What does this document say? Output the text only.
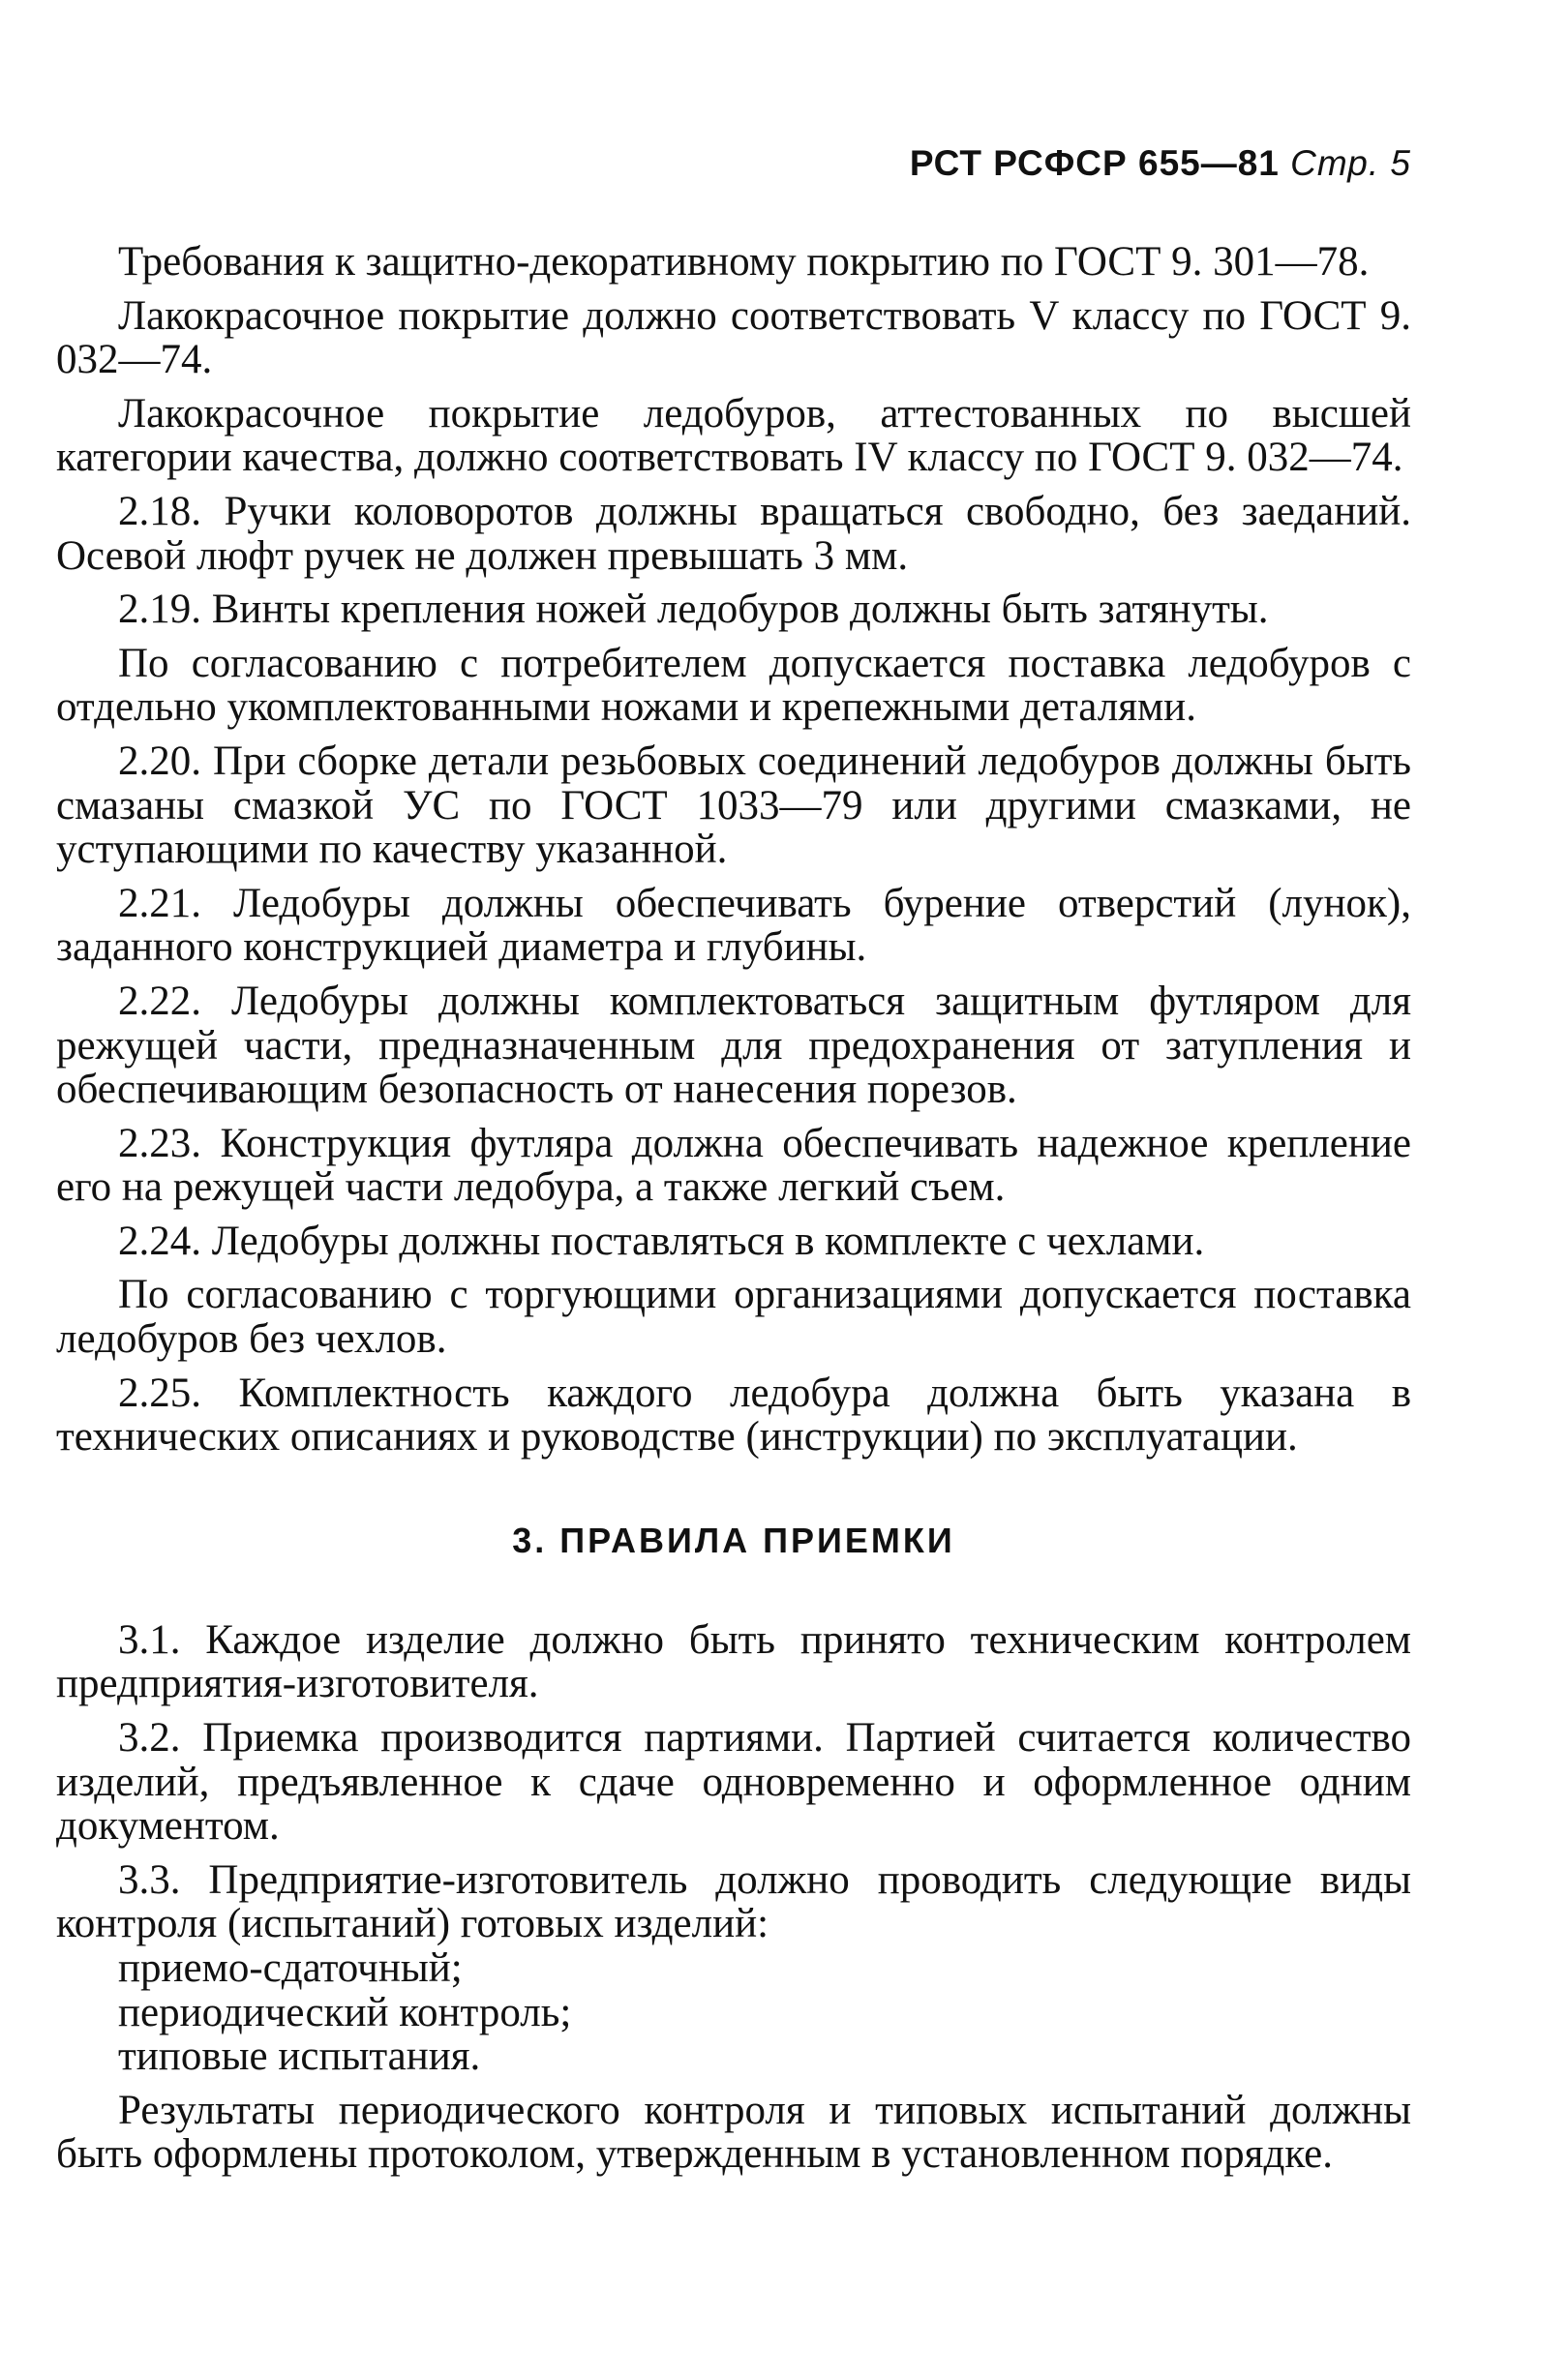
РСТ РСФСР 655—81 Стр. 5

Требования к защитно-декоративному покрытию по ГОСТ 9. 301—78.

Лакокрасочное покрытие должно соответствовать V классу по ГОСТ 9. 032—74.

Лакокрасочное покрытие ледобуров, аттестованных по высшей категории качества, должно соответствовать IV классу по ГОСТ 9. 032—74.

2.18. Ручки коловоротов должны вращаться свободно, без заеданий. Осевой люфт ручек не должен превышать 3 мм.

2.19. Винты крепления ножей ледобуров должны быть затянуты.

По согласованию с потребителем допускается поставка ледобуров с отдельно укомплектованными ножами и крепежными деталями.

2.20. При сборке детали резьбовых соединений ледобуров должны быть смазаны смазкой УС по ГОСТ 1033—79 или другими смазками, не уступающими по качеству указанной.

2.21. Ледобуры должны обеспечивать бурение отверстий (лунок), заданного конструкцией диаметра и глубины.

2.22. Ледобуры должны комплектоваться защитным футляром для режущей части, предназначенным для предохранения от затупления и обеспечивающим безопасность от нанесения порезов.

2.23. Конструкция футляра должна обеспечивать надежное крепление его на режущей части ледобура, а также легкий съем.

2.24. Ледобуры должны поставляться в комплекте с чехлами.

По согласованию с торгующими организациями допускается поставка ледобуров без чехлов.

2.25. Комплектность каждого ледобура должна быть указана в технических описаниях и руководстве (инструкции) по эксплуатации.

3. ПРАВИЛА ПРИЕМКИ

3.1. Каждое изделие должно быть принято техническим контролем предприятия-изготовителя.

3.2. Приемка производится партиями. Партией считается количество изделий, предъявленное к сдаче одновременно и оформленное одним документом.

3.3. Предприятие-изготовитель должно проводить следующие виды контроля (испытаний) готовых изделий:

приемо-сдаточный;

периодический контроль;

типовые испытания.

Результаты периодического контроля и типовых испытаний должны быть оформлены протоколом, утвержденным в установленном порядке.
